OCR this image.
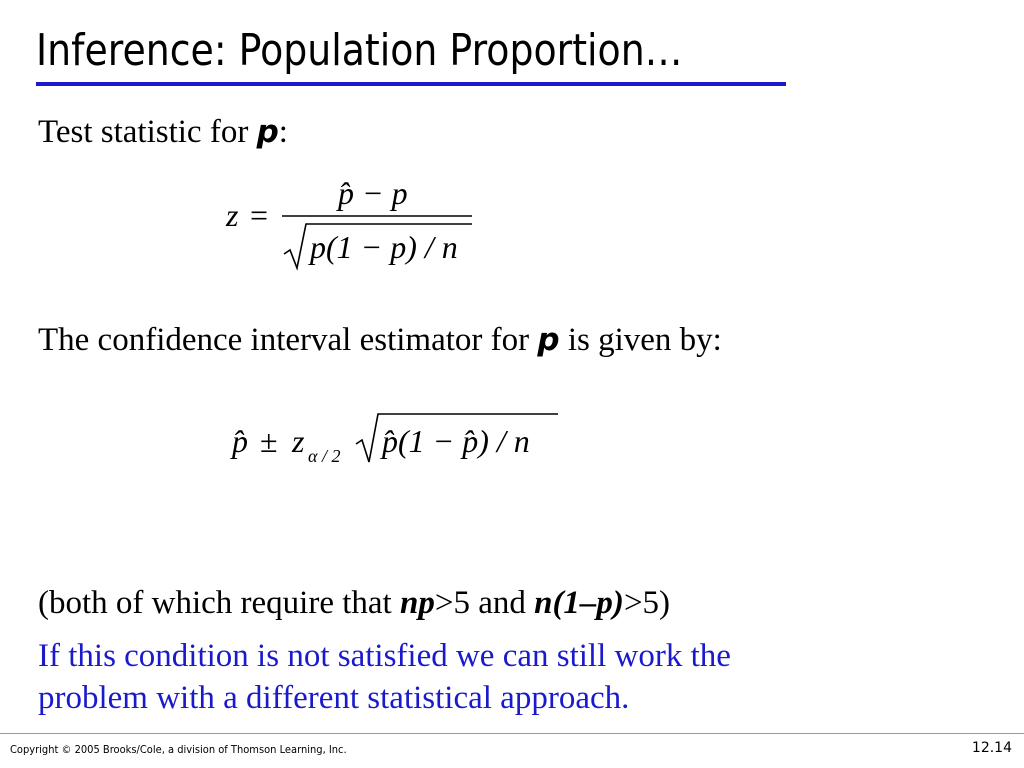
Inference: Population Proportion…
Test statistic for p:
z =
p̂ − p
p(1 − p) / n
The confidence interval estimator for p is given by:
p̂ ± z α / 2 p̂(1 − p̂) / n
(both of which require that np>5 and n(1–p)>5)
If this condition is not satisfied we can still work the
problem with a different statistical approach.
Copyright © 2005 Brooks/Cole, a division of Thomson Learning, Inc.	12.14
